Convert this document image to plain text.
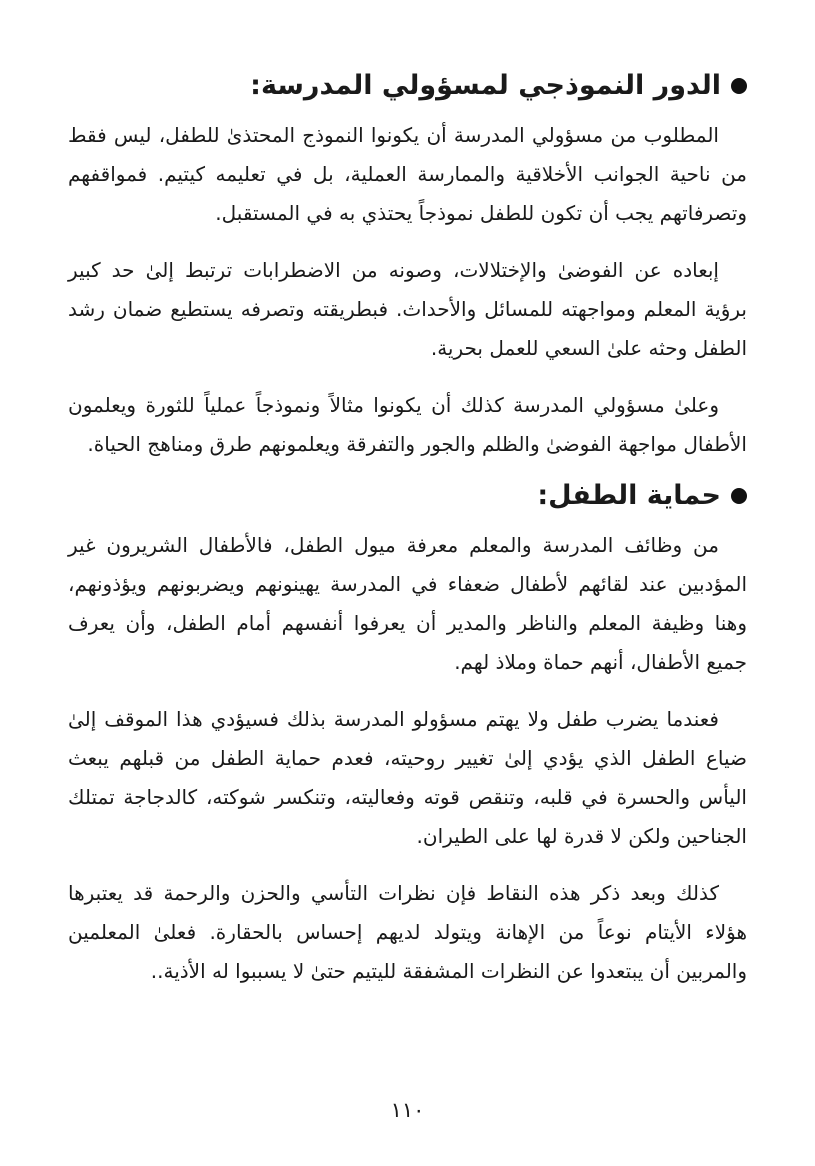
الدور النموذجي لمسؤولي المدرسة:

المطلوب من مسؤولي المدرسة أن يكونوا النموذج المحتذىٰ للطفل، ليس فقط من ناحية الجوانب الأخلاقية والممارسة العملية، بل في تعليمه كيتيم. فمواقفهم وتصرفاتهم يجب أن تكون للطفل نموذجاً يحتذي به في المستقبل.

إبعاده عن الفوضىٰ والإختلالات، وصونه من الاضطرابات ترتبط إلىٰ حد كبير برؤية المعلم ومواجهته للمسائل والأحداث. فبطريقته وتصرفه يستطيع ضمان رشد الطفل وحثه علىٰ السعي للعمل بحرية.

وعلىٰ مسؤولي المدرسة كذلك أن يكونوا مثالاً ونموذجاً عملياً للثورة ويعلمون الأطفال مواجهة الفوضىٰ والظلم والجور والتفرقة ويعلمونهم طرق ومناهج الحياة.

حماية الطفل:

من وظائف المدرسة والمعلم معرفة ميول الطفل، فالأطفال الشريرون غير المؤدبين عند لقائهم لأطفال ضعفاء في المدرسة يهينونهم ويضربونهم ويؤذونهم، وهنا وظيفة المعلم والناظر والمدير أن يعرفوا أنفسهم أمام الطفل، وأن يعرف جميع الأطفال، أنهم حماة وملاذ لهم.

فعندما يضرب طفل ولا يهتم مسؤولو المدرسة بذلك فسيؤدي هذا الموقف إلىٰ ضياع الطفل الذي يؤدي إلىٰ تغيير روحيته، فعدم حماية الطفل من قبلهم يبعث اليأس والحسرة في قلبه، وتنقص قوته وفعاليته، وتنكسر شوكته، كالدجاجة تمتلك الجناحين ولكن لا قدرة لها على الطيران.

كذلك وبعد ذكر هذه النقاط فإن نظرات التأسي والحزن والرحمة قد يعتبرها هؤلاء الأيتام نوعاً من الإهانة ويتولد لديهم إحساس بالحقارة. فعلىٰ المعلمين والمربين أن يبتعدوا عن النظرات المشفقة لليتيم حتىٰ لا يسببوا له الأذية..

١١٠
